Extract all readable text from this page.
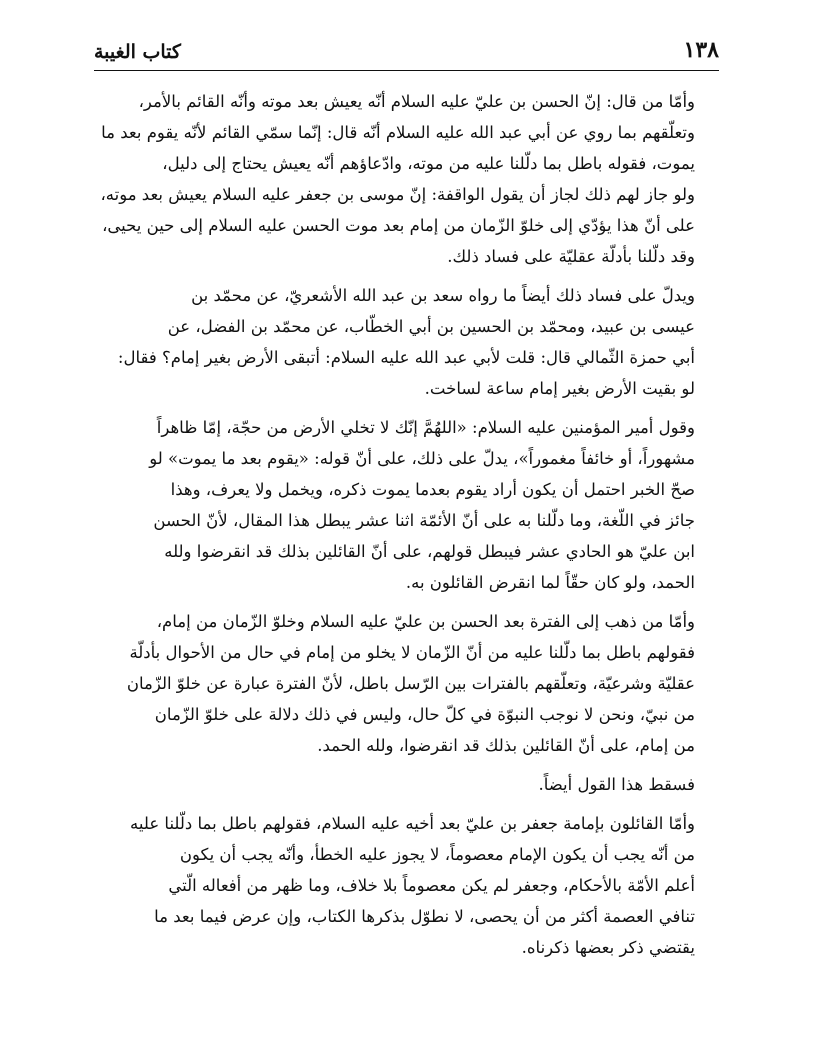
١٣٨
كتاب الغيبة
وأمّا من قال: إنّ الحسن بن عليّ عليه السلام أنّه يعيش بعد موته وأنّه القائم بالأمر،
وتعلّقهم بما روي عن أبي عبد الله عليه السلام أنّه قال: إنّما سمّي القائم لأنّه يقوم بعد ما
يموت، فقوله باطل بما دلّلنا عليه من موته، وادّعاؤهم أنّه يعيش يحتاج إلى دليل،
ولو جاز لهم ذلك لجاز أن يقول الواقفة: إنّ موسى بن جعفر عليه السلام يعيش بعد موته،
على أنّ هذا يؤدّي إلى خلوّ الزّمان من إمام بعد موت الحسن عليه السلام إلى حين يحيى،
وقد دلّلنا بأدلّة عقليّة على فساد ذلك.
ويدلّ على فساد ذلك أيضاً ما رواه سعد بن عبد الله الأشعريّ، عن محمّد بن
عيسى بن عبيد، ومحمّد بن الحسين بن أبي الخطّاب، عن محمّد بن الفضل، عن
أبي حمزة الثّمالي قال: قلت لأبي عبد الله عليه السلام: أتبقى الأرض بغير إمام؟ فقال:
لو بقيت الأرض بغير إمام ساعة لساخت.
وقول أمير المؤمنين عليه السلام: «اللهُمَّ إنّك لا تخلي الأرض من حجّة، إمّا ظاهراً
مشهوراً، أو خائفاً مغموراً»، يدلّ على ذلك، على أنّ قوله: «يقوم بعد ما يموت» لو
صحّ الخبر احتمل أن يكون أراد يقوم بعدما يموت ذكره، ويخمل ولا يعرف، وهذا
جائز في اللّغة، وما دلّلنا به على أنّ الأئمّة اثنا عشر يبطل هذا المقال، لأنّ الحسن
ابن عليّ هو الحادي عشر فيبطل قولهم، على أنّ القائلين بذلك قد انقرضوا ولله
الحمد، ولو كان حقّاً لما انقرض القائلون به.
وأمّا من ذهب إلى الفترة بعد الحسن بن عليّ عليه السلام وخلوّ الزّمان من إمام،
فقولهم باطل بما دلّلنا عليه من أنّ الزّمان لا يخلو من إمام في حال من الأحوال بأدلّة
عقليّة وشرعيّة، وتعلّقهم بالفترات بين الرّسل باطل، لأنّ الفترة عبارة عن خلوّ الزّمان
من نبيّ، ونحن لا نوجب النبوّة في كلّ حال، وليس في ذلك دلالة على خلوّ الزّمان
من إمام، على أنّ القائلين بذلك قد انقرضوا، ولله الحمد.
فسقط هذا القول أيضاً.
وأمّا القائلون بإمامة جعفر بن عليّ بعد أخيه عليه السلام، فقولهم باطل بما دلّلنا عليه
من أنّه يجب أن يكون الإمام معصوماً، لا يجوز عليه الخطأ، وأنّه يجب أن يكون
أعلم الأمّة بالأحكام، وجعفر لم يكن معصوماً بلا خلاف، وما ظهر من أفعاله الّتي
تنافي العصمة أكثر من أن يحصى، لا نطوّل بذكرها الكتاب، وإن عرض فيما بعد ما
يقتضي ذكر بعضها ذكرناه.
